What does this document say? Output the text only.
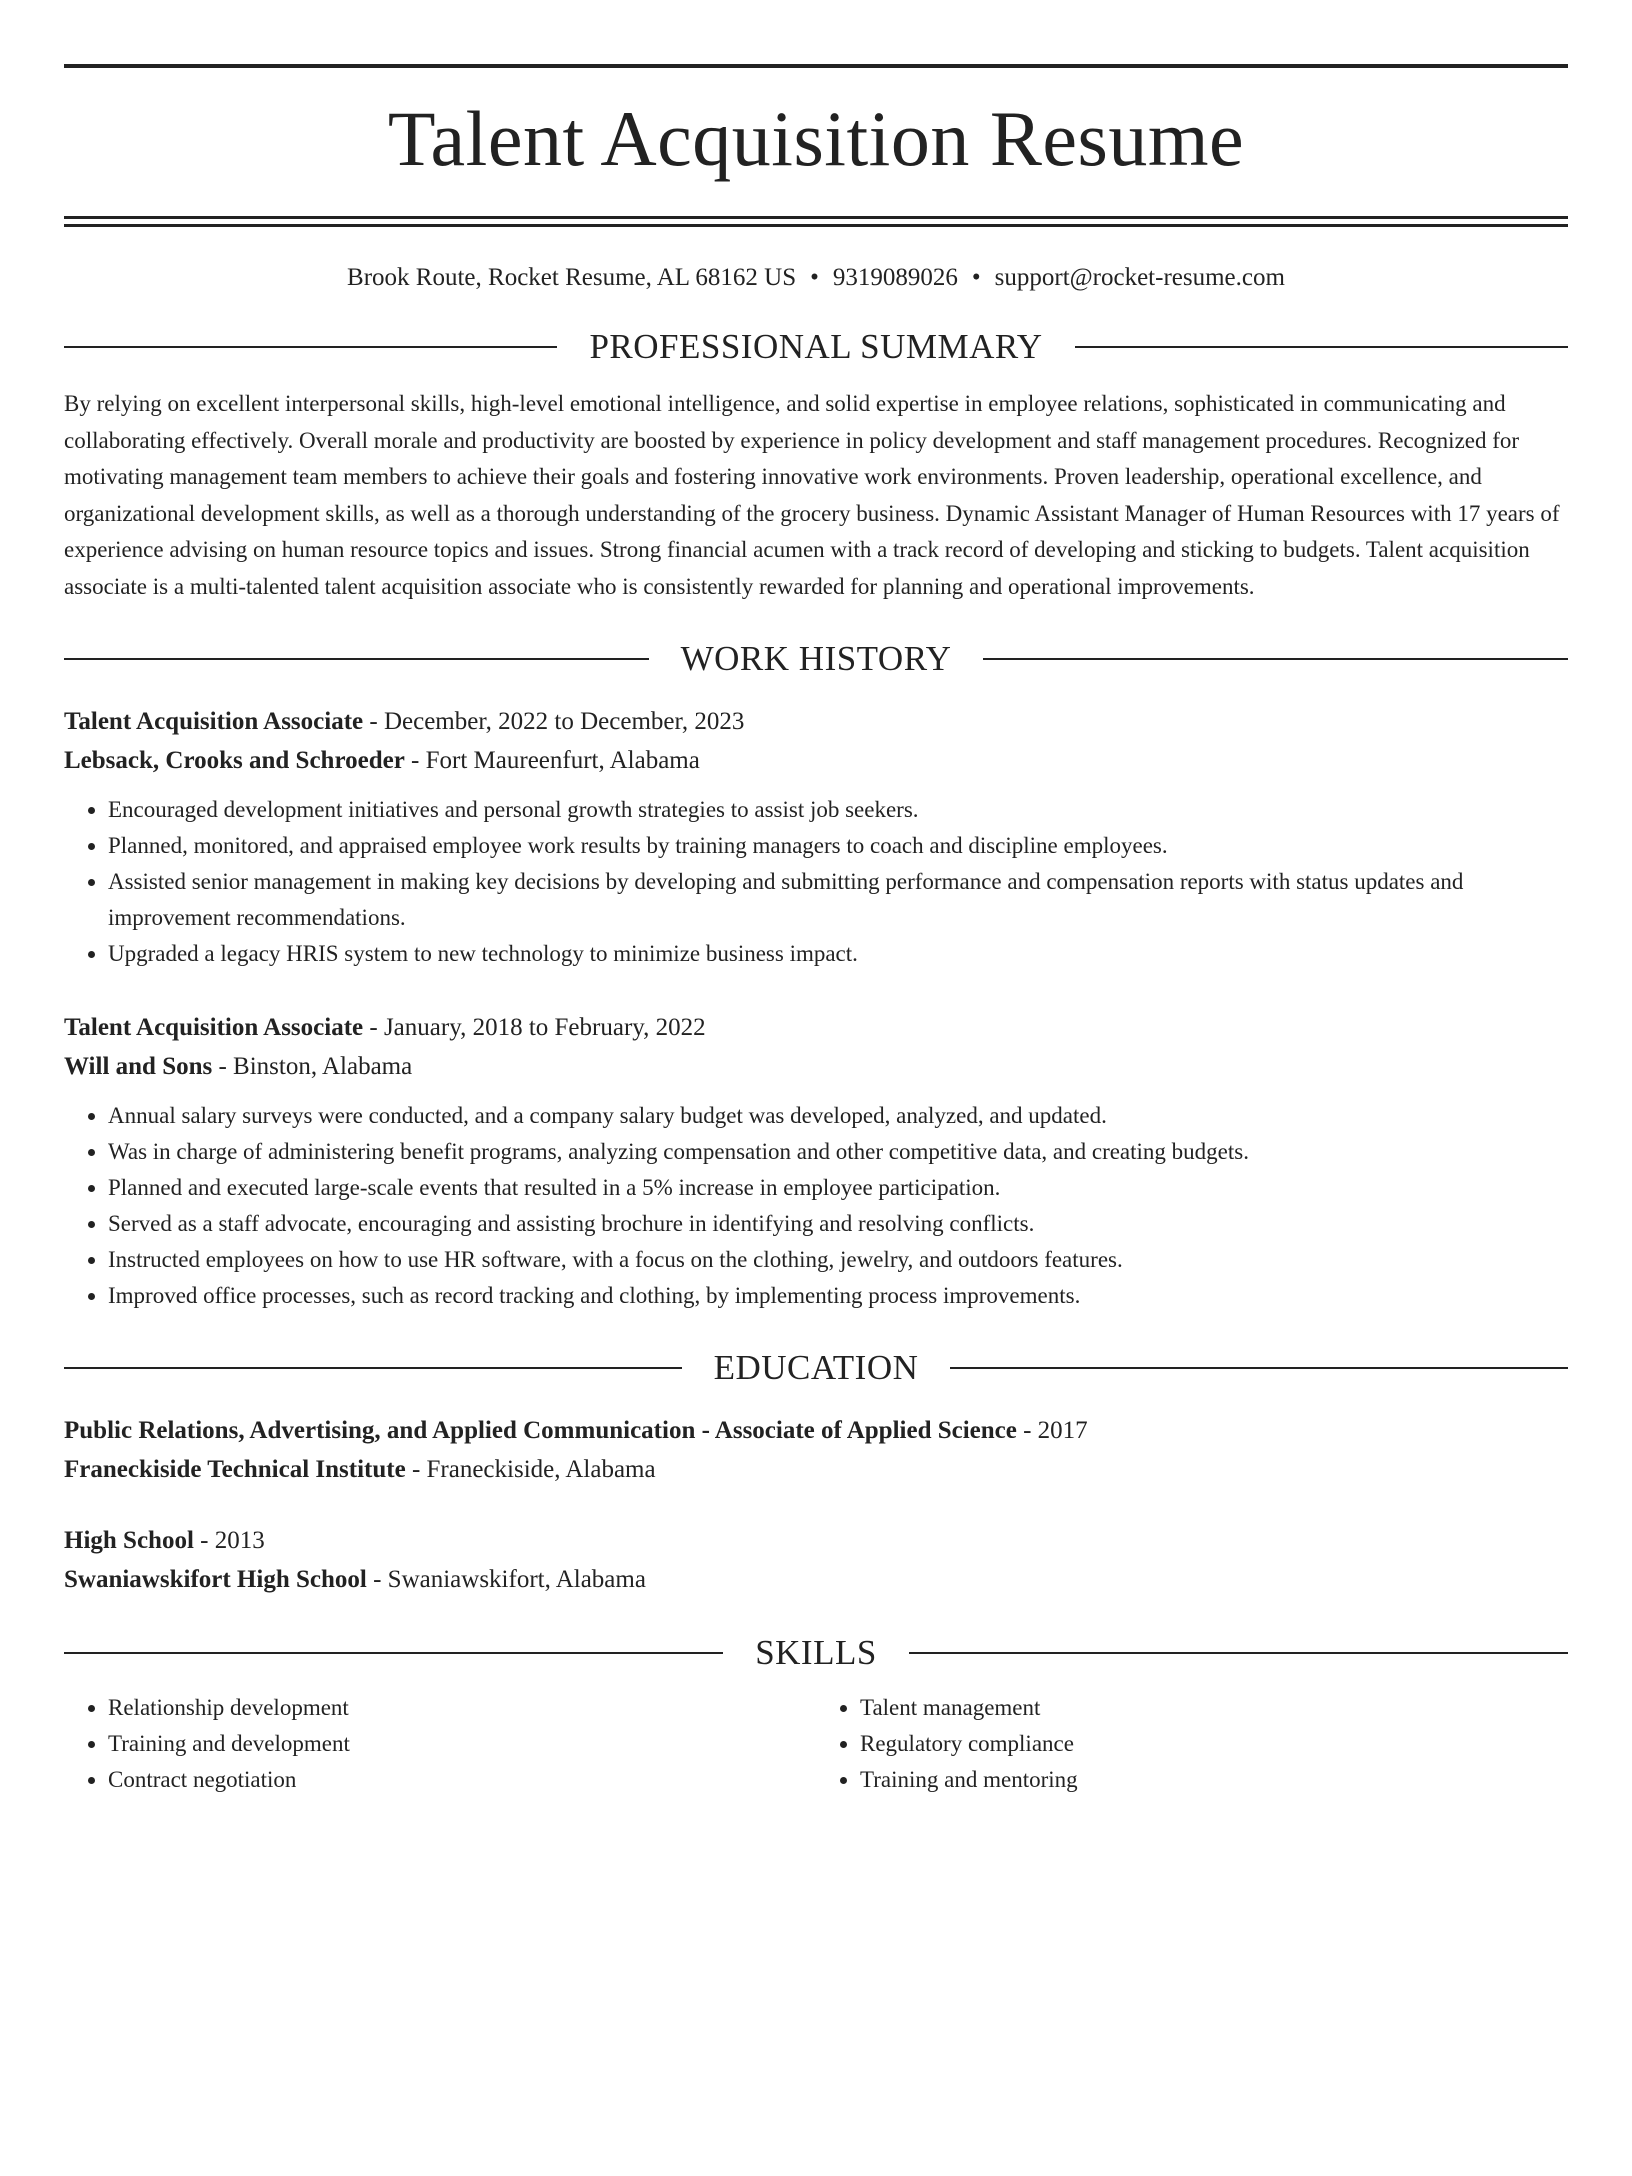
Talent Acquisition Resume
Brook Route, Rocket Resume, AL 68162 US • 9319089026 • support@rocket-resume.com
PROFESSIONAL SUMMARY
By relying on excellent interpersonal skills, high-level emotional intelligence, and solid expertise in employee relations, sophisticated in communicating and collaborating effectively. Overall morale and productivity are boosted by experience in policy development and staff management procedures. Recognized for motivating management team members to achieve their goals and fostering innovative work environments. Proven leadership, operational excellence, and organizational development skills, as well as a thorough understanding of the grocery business. Dynamic Assistant Manager of Human Resources with 17 years of experience advising on human resource topics and issues. Strong financial acumen with a track record of developing and sticking to budgets. Talent acquisition associate is a multi-talented talent acquisition associate who is consistently rewarded for planning and operational improvements.
WORK HISTORY
Talent Acquisition Associate - December, 2022 to December, 2023
Lebsack, Crooks and Schroeder - Fort Maureenfurt, Alabama
• Encouraged development initiatives and personal growth strategies to assist job seekers.
• Planned, monitored, and appraised employee work results by training managers to coach and discipline employees.
• Assisted senior management in making key decisions by developing and submitting performance and compensation reports with status updates and improvement recommendations.
• Upgraded a legacy HRIS system to new technology to minimize business impact.
Talent Acquisition Associate - January, 2018 to February, 2022
Will and Sons - Binston, Alabama
• Annual salary surveys were conducted, and a company salary budget was developed, analyzed, and updated.
• Was in charge of administering benefit programs, analyzing compensation and other competitive data, and creating budgets.
• Planned and executed large-scale events that resulted in a 5% increase in employee participation.
• Served as a staff advocate, encouraging and assisting brochure in identifying and resolving conflicts.
• Instructed employees on how to use HR software, with a focus on the clothing, jewelry, and outdoors features.
• Improved office processes, such as record tracking and clothing, by implementing process improvements.
EDUCATION
Public Relations, Advertising, and Applied Communication - Associate of Applied Science - 2017
Franeckiside Technical Institute - Franeckiside, Alabama
High School - 2013
Swaniawskifort High School - Swaniawskifort, Alabama
SKILLS
• Relationship development
• Training and development
• Contract negotiation
• Talent management
• Regulatory compliance
• Training and mentoring
